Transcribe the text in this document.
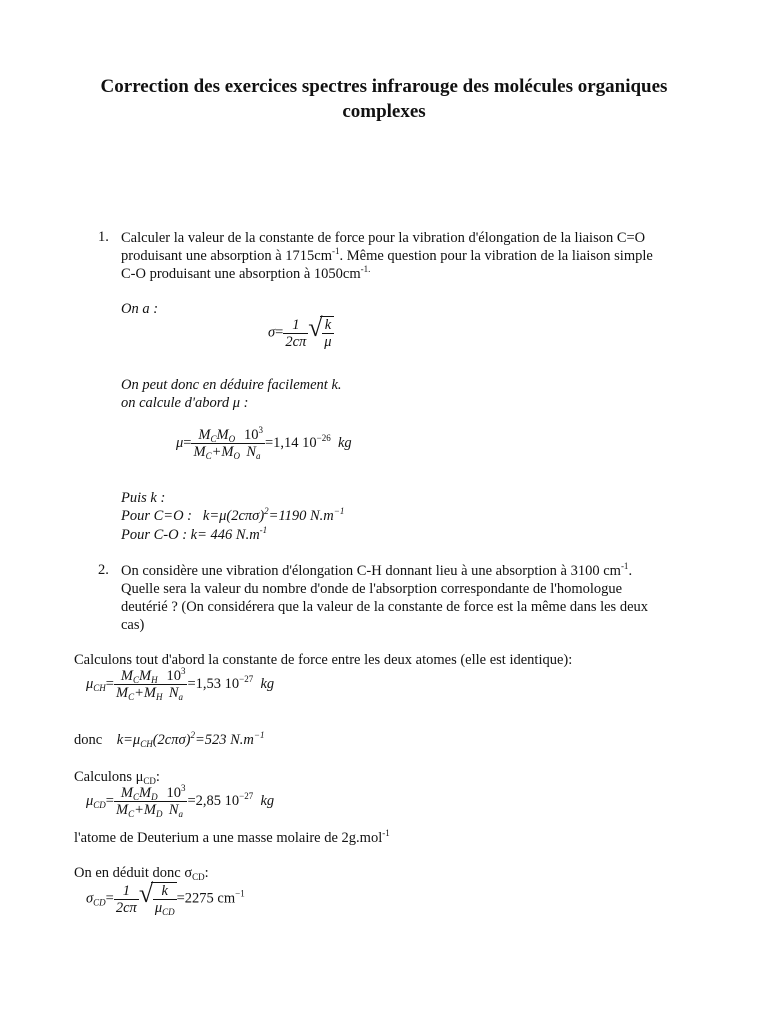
Correction des exercices spectres infrarouge des molécules organiques complexes
1. Calculer la valeur de la constante de force pour la vibration d'élongation de la liaison C=O
produisant une absorption à $1715cm^{-1}$. Même question pour la vibration de la liaison simple
C-O produisant une absorption à $1050cm^{-1.}$
On a :
$\sigma= \frac{1}{2c\pi}$ √ $\frac{k}{\mu}$
On peut donc en déduire facilement k.
on calcule d'abord μ :
$\mu= \frac{M_CM_O}{M_C+M_O} \frac{10^3}{N_a} =1,14$ $10^{-26}$ kg
Puis k :
Pour C=O :   $k=\mu(2c\pi\sigma)^2=1190$ $N.m^{-1}$
Pour C-O : k= 446 $N.m^{-1}$
2. On considère une vibration d'élongation C-H donnant lieu à une absorption à 3100 $cm^{-1}$.
Quelle sera la valeur du nombre d'onde de l'absorption correspondante de l'homologue
deutérié ? (On considérera que la valeur de la constante de force est la même dans les deux
cas)
Calculons tout d'abord la constante de force entre les deux atomes (elle est identique):
$\mu_{CH}= \frac{M_CM_H}{M_C+M_H} \frac{10^3}{N_a} =1,53$ $10^{-27}$ kg
donc $k=\mu_{CH}(2c\pi\sigma)^2=523$ $N.m^{-1}$
Calculons $\mu_{CD}$:
$\mu_{CD}= \frac{M_CM_D}{M_C+M_D} \frac{10^3}{N_a} =2,85$ $10^{-27}$ kg
l'atome de Deuterium a une masse molaire de 2g.mol$^{-1}$
On en déduit donc $\sigma_{CD}$:
$\sigma_{CD}= \frac{1}{2c\pi}$ √ $\frac{k}{\mu_{CD}} =2275$ $cm^{-1}$
